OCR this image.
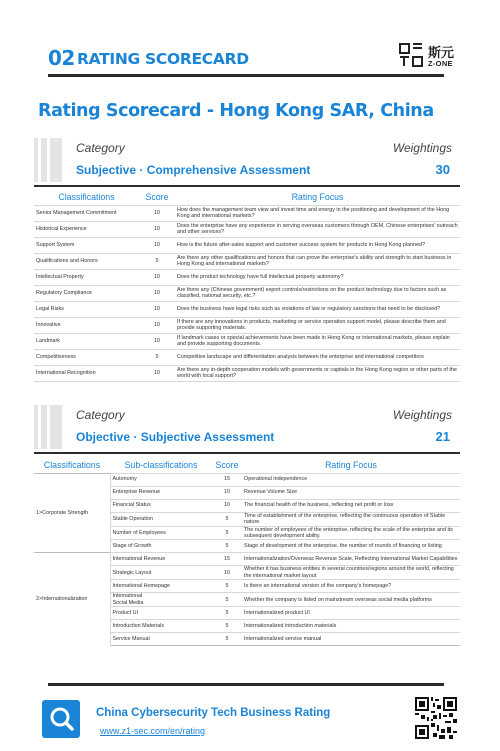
02 RATING SCORECARD	斯元
Z-ONE
Rating Scorecard - Hong Kong SAR, China
Category	Weightings
Subjective · Comprehensive Assessment	30
Classifications	Score	Rating Focus
Senior Management Commitment	10	How does the management team view and invest time and energy in the positioning and development of the Hong Kong and international markets?
Historical Experience	10	Does the enterprise have any experience in serving overseas customers through OEM, Chinese enterprises' outreach and other services?
Support System	10	How is the future after-sales support and customer success system for products in Hong Kong planned?
Qualifications and Honors	5	Are there any other qualifications and honors that can prove the enterprise's ability and strength to start business in Hong Kong and international markets?
Intellectual Property	10	Does the product technology have full intellectual property autonomy?
Regulatory Compliance	10	Are there any (Chinese government) export controls/restrictions on the product technology due to factors such as classified, national security, etc.?
Legal Risks	10	Does the business have legal risks such as violations of law or regulatory sanctions that need to be disclosed?
Innovative	10	If there are any innovations in products, marketing or service operation support model, please describe them and provide supporting materials.
Landmark	10	If landmark cases or special achievements have been made in Hong Kong or international markets, please explain and provide supporting documents.
Competitiveness	5	Competitive landscape and differentiation analysis between the enterprise and international competitors
International Recognition	10	Are there any in-depth cooperation models with governments or capitals in the Hong Kong region or other parts of the world with local support?
Category	Weightings
Objective · Subjective Assessment	21
Classifications	Sub-classifications	Score	Rating Focus
1>Corporate Strength	Autonomy	15	Operational independence
	Enterprise Revenue	10	Revenue Volume Size
	Financial Status	10	The financial health of the business, reflecting net profit or loss
	Stable Operation	5	Time of establishment of the enterprise, reflecting the continuous operation of Stable nature
	Number of Employees	5	The number of employees of the enterprise, reflecting the scale of the enterprise and its subsequent development ability.
	Stage of Growth	5	Stage of development of the enterprise, the number of rounds of financing or listing
2>Internationalization	International Revenue	15	Internationalization/Overseas Revenue Scale, Reflecting International Market Capabilities
	Strategic Layout	10	Whether it has business entities in several countries/regions around the world, reflecting the international market layout
	International Homepage	5	Is there an international version of the company's homepage?
	International
Social Media	5	Whether the company is listed on mainstream overseas social media platforms
	Product UI	5	Internationalized product UI
	Introduction Materials	5	Internationalized introduction materials
	Service Manual	5	Internationalized service manual
China Cybersecurity Tech Business Rating
www.z1-sec.com/en/rating
